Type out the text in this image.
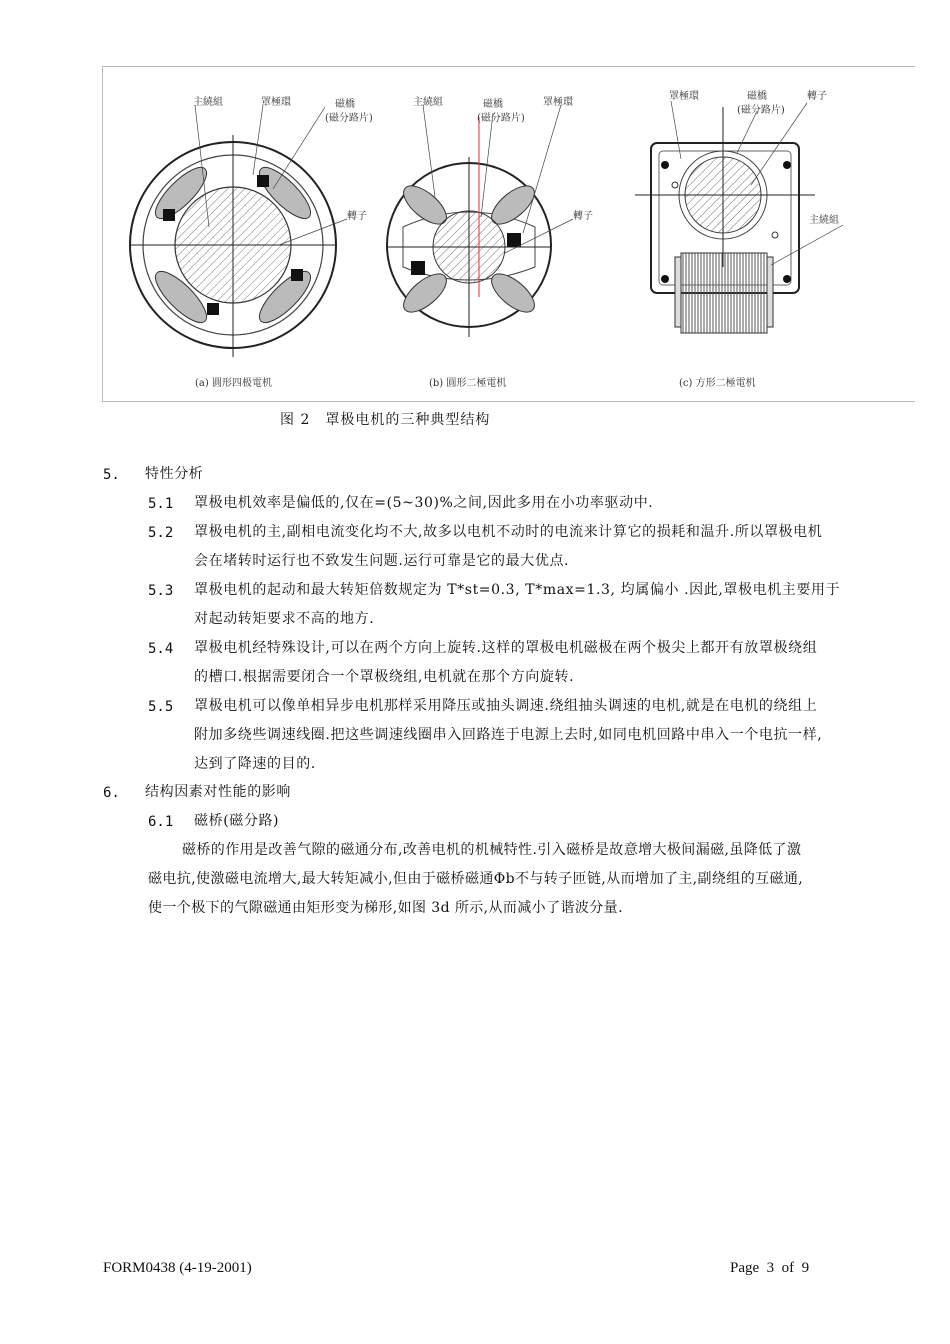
主繞組	罩極環	磁橋
(磁分路片)
轉子
主繞組	磁橋
(磁分路片)
罩極環
轉子
罩極環	磁橋
(磁分路片)
轉子
主繞組
(a) 圓形四极電机	(b) 圓形二極電机	(c) 方形二極電机
图 2　罩极电机的三种典型结构
5. 特性分析
5.1 罩极电机效率是偏低的,仅在=(5~30)%之间,因此多用在小功率驱动中.
5.2 罩极电机的主,副相电流变化均不大,故多以电机不动时的电流来计算它的损耗和温升.所以罩极电机
会在堵转时运行也不致发生问题.运行可靠是它的最大优点.
5.3 罩极电机的起动和最大转矩倍数规定为 T*st=0.3, T*max=1.3, 均属偏小 .因此,罩极电机主要用于
对起动转矩要求不高的地方.
5.4 罩极电机经特殊设计,可以在两个方向上旋转.这样的罩极电机磁极在两个极尖上都开有放罩极绕组
的槽口.根据需要闭合一个罩极绕组,电机就在那个方向旋转.
5.5 罩极电机可以像单相异步电机那样采用降压或抽头调速.绕组抽头调速的电机,就是在电机的绕组上
附加多绕些调速线圈.把这些调速线圈串入回路连于电源上去时,如同电机回路中串入一个电抗一样,
达到了降速的目的.
6. 结构因素对性能的影响
6.1 磁桥(磁分路)
磁桥的作用是改善气隙的磁通分布,改善电机的机械特性.引入磁桥是故意增大极间漏磁,虽降低了激
磁电抗,使激磁电流增大,最大转矩减小,但由于磁桥磁通Φb不与转子匝链,从而增加了主,副绕组的互磁通,
使一个极下的气隙磁通由矩形变为梯形,如图 3d 所示,从而减小了谐波分量.
FORM0438 (4-19-2001)	Page  3  of  9
